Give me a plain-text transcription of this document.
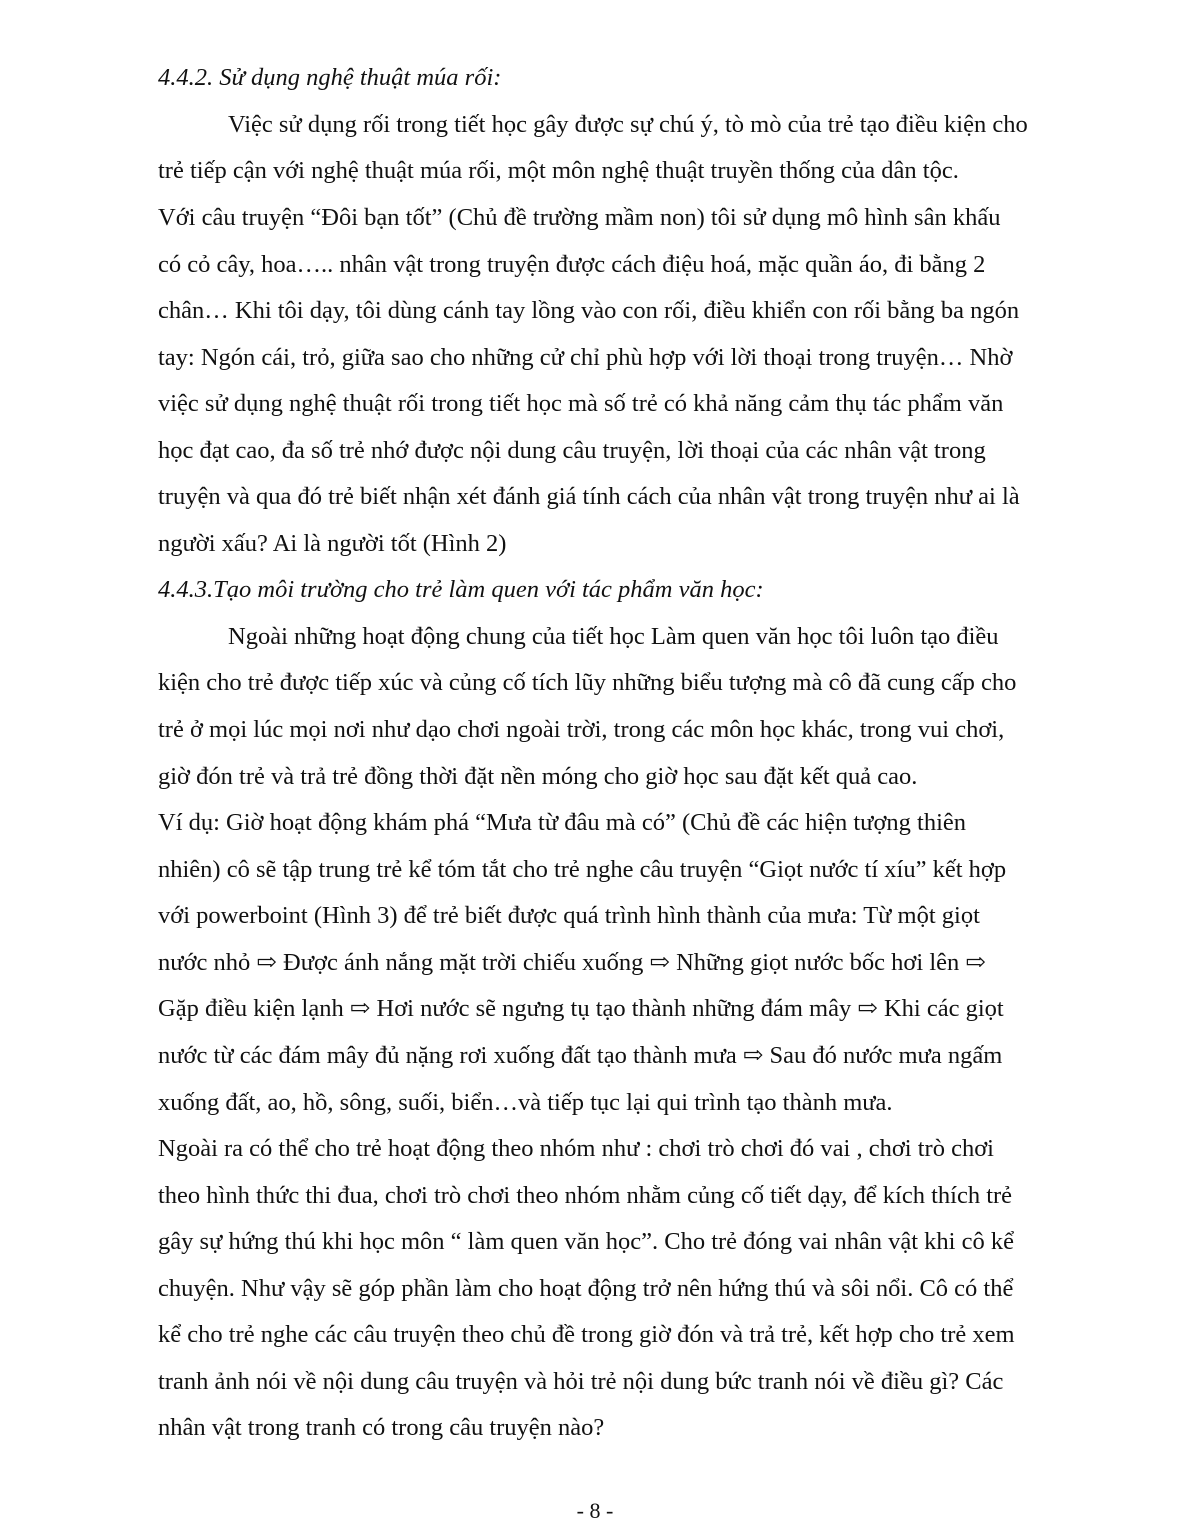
4.4.2. Sử dụng nghệ thuật múa rối:
Việc sử dụng rối trong tiết học gây được sự chú ý, tò mò của trẻ tạo điều kiện cho
trẻ tiếp cận với nghệ thuật múa rối, một môn nghệ thuật truyền thống của dân tộc.
Với câu truyện “Đôi bạn tốt” (Chủ đề trường mầm non) tôi sử dụng mô hình sân khấu
có cỏ cây, hoa….. nhân vật trong truyện được cách điệu hoá, mặc quần áo, đi bằng 2
chân… Khi tôi dạy, tôi dùng cánh tay lồng vào con rối, điều khiển con rối bằng ba ngón
tay: Ngón cái, trỏ, giữa sao cho những cử chỉ phù hợp với lời thoại trong truyện… Nhờ
việc sử dụng nghệ thuật rối trong tiết học mà số trẻ có khả năng cảm thụ tác phẩm văn
học đạt cao, đa số trẻ nhớ được nội dung câu truyện, lời thoại của các nhân vật trong
truyện và qua đó trẻ biết nhận xét đánh giá tính cách của nhân vật trong truyện như ai là
người xấu? Ai là người tốt (Hình 2)
4.4.3.Tạo môi trường cho trẻ làm quen với tác phẩm văn học:
Ngoài những hoạt động chung của tiết học Làm quen văn học tôi luôn tạo điều
kiện cho trẻ được tiếp xúc và củng cố tích lũy những biểu tượng mà cô đã cung cấp cho
trẻ ở mọi lúc mọi nơi như dạo chơi ngoài trời, trong các môn học khác, trong vui chơi,
giờ đón trẻ và trả trẻ đồng thời đặt nền móng cho giờ học sau đặt kết quả cao.
Ví dụ: Giờ hoạt động khám phá “Mưa từ đâu mà có” (Chủ đề các hiện tượng thiên
nhiên) cô sẽ tập trung trẻ kể tóm tắt cho trẻ nghe câu truyện “Giọt nước tí xíu” kết hợp
với powerboint (Hình 3) để trẻ biết được quá trình hình thành của mưa: Từ một giọt
nước nhỏ ⇨ Được ánh nắng mặt trời chiếu xuống ⇨ Những giọt nước bốc hơi lên ⇨
Gặp điều kiện lạnh ⇨ Hơi nước sẽ ngưng tụ tạo thành những đám mây ⇨ Khi các giọt
nước từ các đám mây đủ nặng rơi xuống đất tạo thành mưa ⇨ Sau đó nước mưa ngấm
xuống đất, ao, hồ, sông, suối, biển…và tiếp tục lại qui trình tạo thành mưa.
Ngoài ra có thể cho trẻ hoạt động theo nhóm như : chơi trò chơi đó vai , chơi trò chơi
theo hình thức thi đua, chơi trò chơi theo nhóm nhằm củng cố tiết dạy, để kích thích trẻ
gây sự hứng thú khi học môn “ làm quen văn học”. Cho trẻ đóng vai nhân vật khi cô kể
chuyện. Như vậy sẽ góp phần làm cho hoạt động trở nên hứng thú và sôi nổi. Cô có thể
kể cho trẻ nghe các câu truyện theo chủ đề trong giờ đón và trả trẻ, kết hợp cho trẻ xem
tranh ảnh nói về nội dung câu truyện và hỏi trẻ nội dung bức tranh nói về điều gì? Các
nhân vật trong tranh có trong câu truyện nào?
- 8 -
